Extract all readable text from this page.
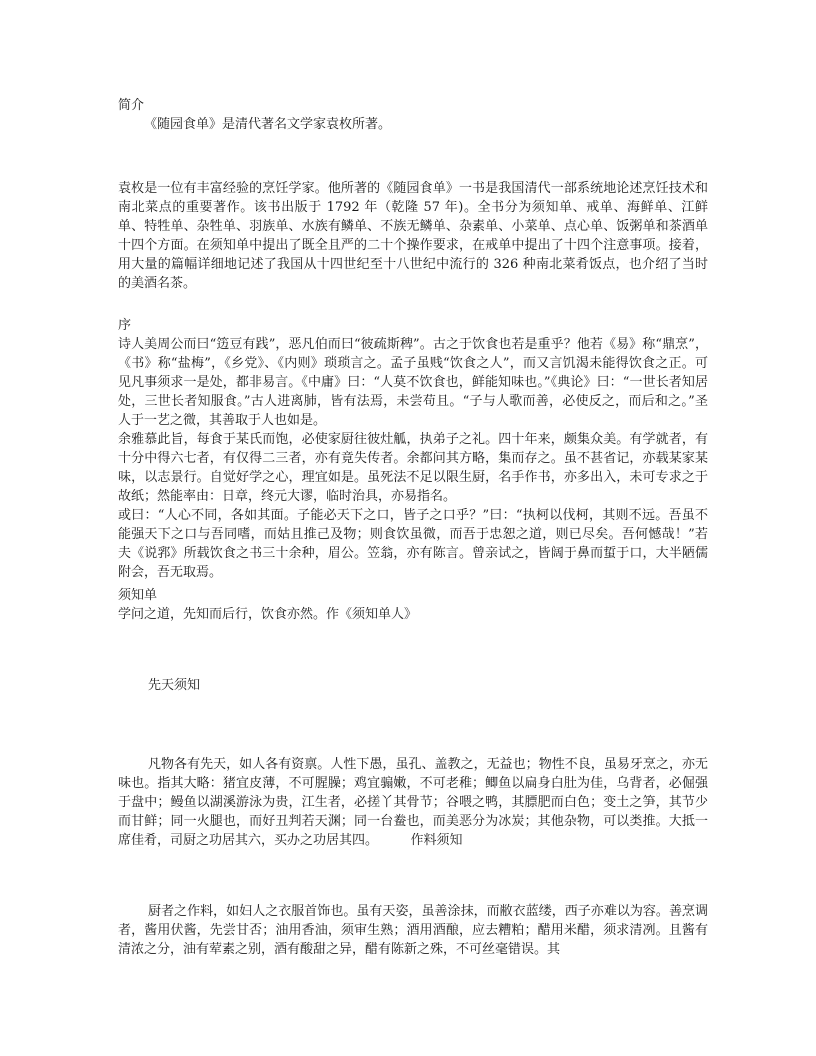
简介
《随园食单》是清代著名文学家袁枚所著。
袁枚是一位有丰富经验的烹饪学家。他所著的《随园食单》一书是我国清代一部系统地论述烹饪技术和南北菜点的重要著作。该书出版于 1792 年（乾隆 57 年)。全书分为须知单、戒单、海鲜单、江鲜单、特牲单、杂牲单、羽族单、水族有鳞单、不族无鳞单、杂素单、小菜单、点心单、饭粥单和茶酒单十四个方面。在须知单中提出了既全且严的二十个操作要求，在戒单中提出了十四个注意事项。接着，用大量的篇幅详细地记述了我国从十四世纪至十八世纪中流行的 326 种南北菜肴饭点，也介绍了当时的美酒名茶。
序
诗人美周公而曰“笾豆有践”，恶凡伯而曰“彼疏斯稗”。古之于饮食也若是重乎？他若《易》称“鼎烹”，《书》称“盐梅”，《乡党》、《内则》琐琐言之。孟子虽贱“饮食之人”，而又言饥渴未能得饮食之正。可见凡事须求一是处，都非易言。《中庸》曰：“人莫不饮食也，鲜能知味也。”《典论》曰：“一世长者知居处，三世长者知服食。”古人进离肺，皆有法焉，未尝苟且。“子与人歌而善，必使反之，而后和之。”圣人于一艺之微，其善取于人也如是。
余雅慕此旨，每食于某氏而饱，必使家厨往彼灶觚，执弟子之礼。四十年来，颇集众美。有学就者，有十分中得六七者，有仅得二三者，亦有竟失传者。余都问其方略，集而存之。虽不甚省记，亦载某家某味，以志景行。自觉好学之心，理宜如是。虽死法不足以限生厨，名手作书，亦多出入，未可专求之于故纸；然能率由：日章，终元大谬，临时治具，亦易指名。
或曰：“人心不同，各如其面。子能必天下之口，皆子之口乎？”曰：“执柯以伐柯，其则不远。吾虽不能强天下之口与吾同嗜，而姑且推己及物；则食饮虽微，而吾于忠恕之道，则已尽矣。吾何憾哉！”若夫《说郛》所载饮食之书三十余种，眉公。笠翁，亦有陈言。曾亲试之，皆阔于鼻而蜇于口，大半陋儒附会，吾无取焉。
须知单
学问之道，先知而后行，饮食亦然。作《须知单人》
先天须知
凡物各有先天，如人各有资禀。人性下愚，虽孔、盖教之，无益也；物性不良，虽易牙烹之，亦无味也。指其大略：猪宜皮薄，不可腥臊；鸡宜骟嫩，不可老稚；鲫鱼以扁身白肚为佳，乌背者，必倔强于盘中；鳗鱼以湖溪游泳为贵，江生者，必搓丫其骨节；谷喂之鸭，其膘肥而白色；变土之笋，其节少而甘鲜；同一火腿也，而好丑判若天渊；同一台鲞也，而美恶分为冰炭；其他杂物，可以类推。大抵一席佳肴，司厨之功居其六，买办之功居其四。　　　作料须知
厨者之作料，如妇人之衣服首饰也。虽有天姿，虽善涂抹，而敝衣蓝缕，西子亦难以为容。善烹调者，酱用伏酱，先尝甘否；油用香油，须审生熟；酒用酒酿，应去糟粕；醋用米醋，须求清冽。且酱有清浓之分，油有荤素之别，酒有酸甜之异，醋有陈新之殊，不可丝毫错误。其
